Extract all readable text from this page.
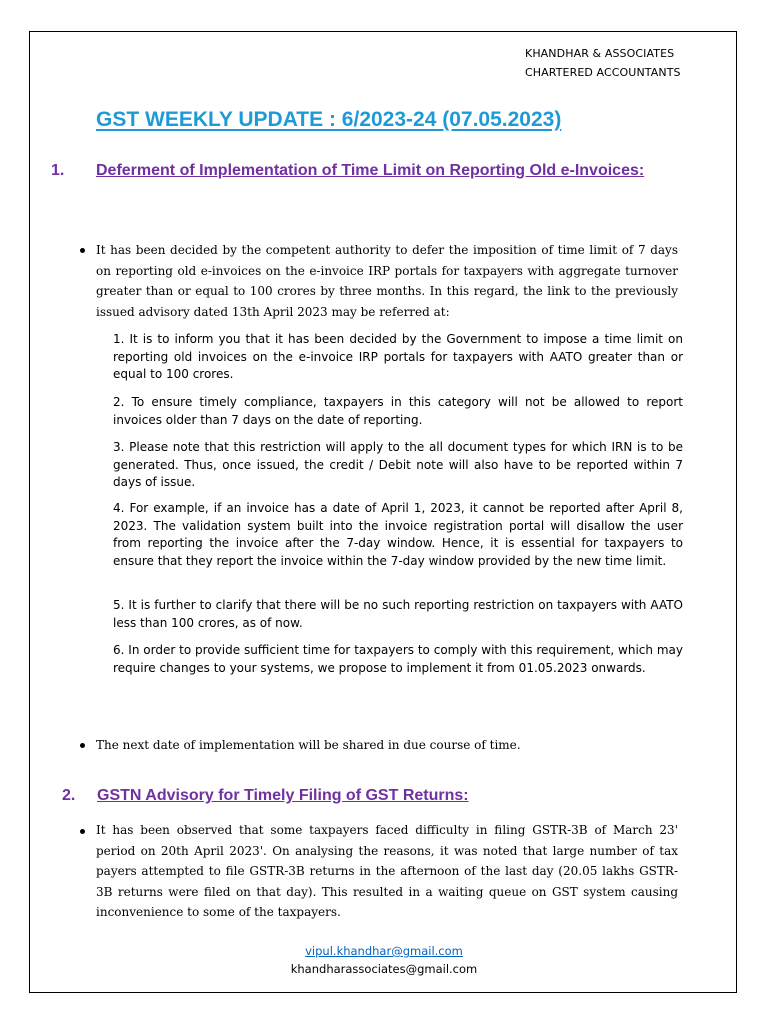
KHANDHAR & ASSOCIATES
CHARTERED ACCOUNTANTS
GST WEEKLY UPDATE : 6/2023-24 (07.05.2023)
1. Deferment of Implementation of Time Limit on Reporting Old e-Invoices:
It has been decided by the competent authority to defer the imposition of time limit of 7 days on reporting old e-invoices on the e-invoice IRP portals for taxpayers with aggregate turnover greater than or equal to 100 crores by three months. In this regard, the link to the previously issued advisory dated 13th April 2023 may be referred at:
1. It is to inform you that it has been decided by the Government to impose a time limit on reporting old invoices on the e-invoice IRP portals for taxpayers with AATO greater than or equal to 100 crores.
2. To ensure timely compliance, taxpayers in this category will not be allowed to report invoices older than 7 days on the date of reporting.
3. Please note that this restriction will apply to the all document types for which IRN is to be generated. Thus, once issued, the credit / Debit note will also have to be reported within 7 days of issue.
4. For example, if an invoice has a date of April 1, 2023, it cannot be reported after April 8, 2023. The validation system built into the invoice registration portal will disallow the user from reporting the invoice after the 7-day window. Hence, it is essential for taxpayers to ensure that they report the invoice within the 7-day window provided by the new time limit.
5. It is further to clarify that there will be no such reporting restriction on taxpayers with AATO less than 100 crores, as of now.
6. In order to provide sufficient time for taxpayers to comply with this requirement, which may require changes to your systems, we propose to implement it from 01.05.2023 onwards.
The next date of implementation will be shared in due course of time.
2. GSTN Advisory for Timely Filing of GST Returns:
It has been observed that some taxpayers faced difficulty in filing GSTR-3B of March 23' period on 20th April 2023'. On analysing the reasons, it was noted that large number of tax payers attempted to file GSTR-3B returns in the afternoon of the last day (20.05 lakhs GSTR-3B returns were filed on that day). This resulted in a waiting queue on GST system causing inconvenience to some of the taxpayers.
vipul.khandhar@gmail.com
khandharassociates@gmail.com
